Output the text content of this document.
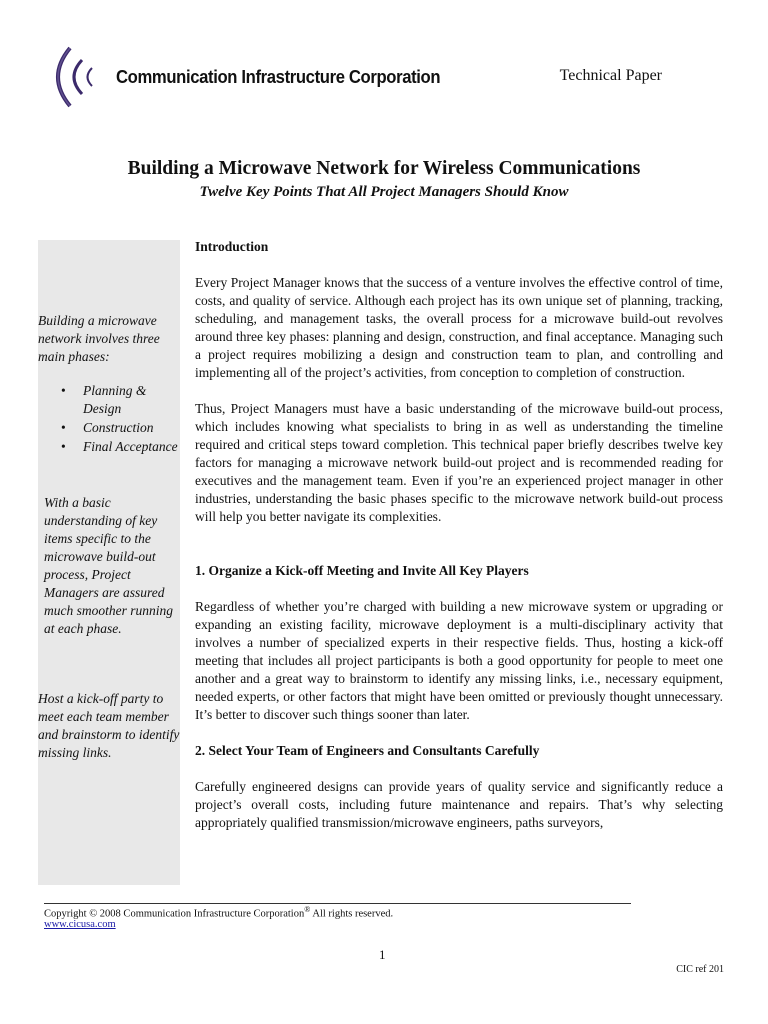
Communication Infrastructure Corporation	Technical Paper
Building a Microwave Network for Wireless Communications
Twelve Key Points That All Project Managers Should Know
Building a microwave network involves three main phases:
• Planning & Design
• Construction
• Final Acceptance
With a basic understanding of key items specific to the microwave build-out process, Project Managers are assured much smoother running at each phase.
Host a kick-off party to meet each team member and brainstorm to identify missing links.

Introduction

Every Project Manager knows that the success of a venture involves the effective control of time, costs, and quality of service. Although each project has its own unique set of planning, tracking, scheduling, and management tasks, the overall process for a microwave build-out revolves around three key phases: planning and design, construction, and final acceptance. Managing such a project requires mobilizing a design and construction team to plan, and controlling and implementing all of the project’s activities, from conception to completion of construction.

Thus, Project Managers must have a basic understanding of the microwave build-out process, which includes knowing what specialists to bring in as well as understanding the timeline required and critical steps toward completion. This technical paper briefly describes twelve key factors for managing a microwave network build-out project and is recommended reading for executives and the management team. Even if you’re an experienced project manager in other industries, understanding the basic phases specific to the microwave network build-out process will help you better navigate its complexities.

1. Organize a Kick-off Meeting and Invite All Key Players

Regardless of whether you’re charged with building a new microwave system or upgrading or expanding an existing facility, microwave deployment is a multi-disciplinary activity that involves a number of specialized experts in their respective fields. Thus, hosting a kick-off meeting that includes all project participants is both a good opportunity for people to meet one another and a great way to brainstorm to identify any missing links, i.e., necessary equipment, needed experts, or other factors that might have been omitted or previously thought unnecessary. It’s better to discover such things sooner than later.

2. Select Your Team of Engineers and Consultants Carefully

Carefully engineered designs can provide years of quality service and significantly reduce a project’s overall costs, including future maintenance and repairs. That’s why selecting appropriately qualified transmission/microwave engineers, paths surveyors,

Copyright © 2008 Communication Infrastructure Corporation® All rights reserved.
www.cicusa.com
1
CIC ref 201
